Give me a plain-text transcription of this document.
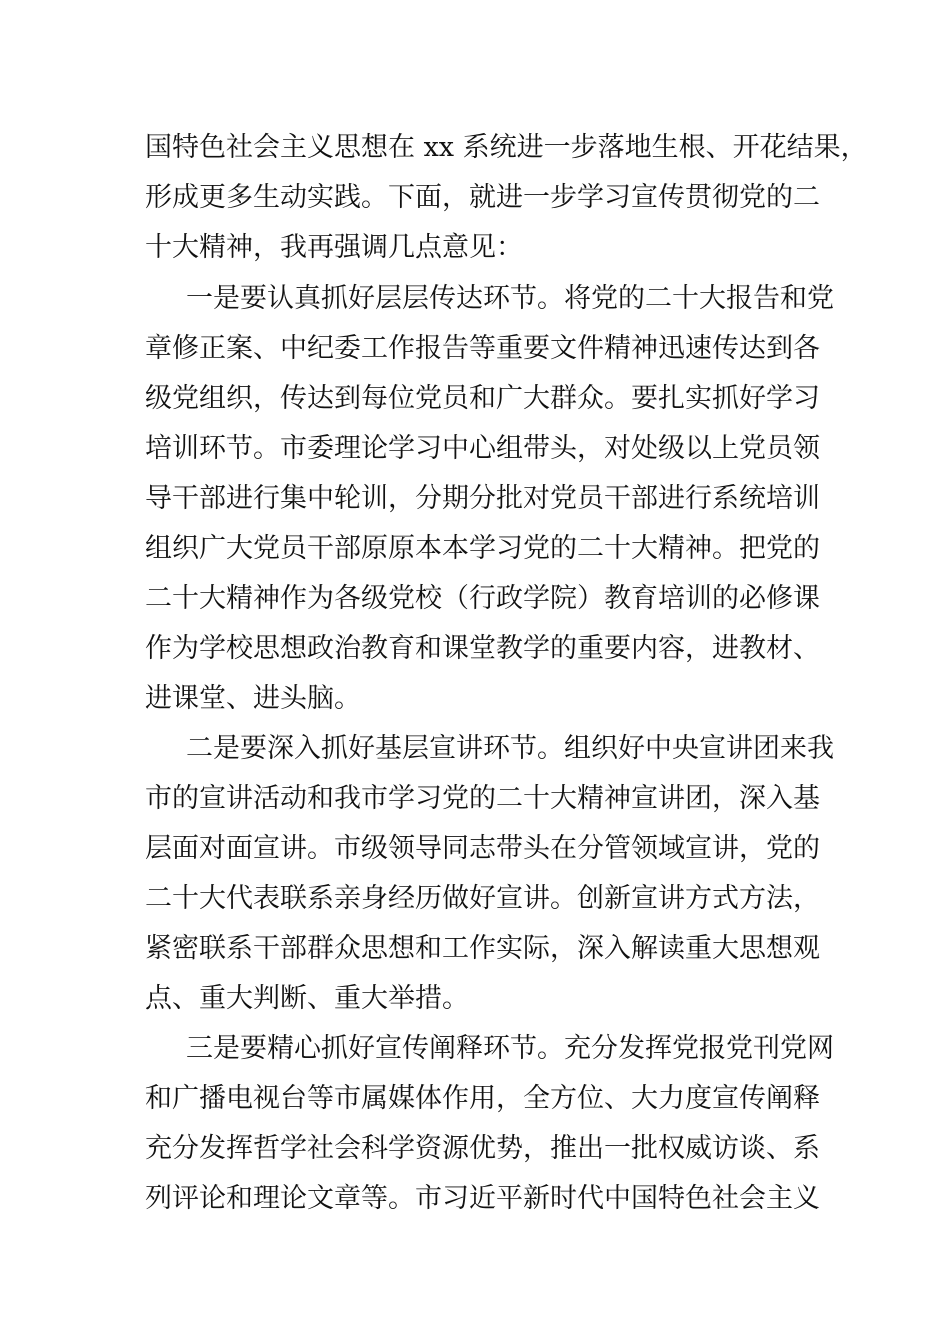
国特色社会主义思想在 xx 系统进一步落地生根、开花结果，

形成更多生动实践。下面，就进一步学习宣传贯彻党的二

十大精神，我再强调几点意见：

一是要认真抓好层层传达环节。将党的二十大报告和党

章修正案、中纪委工作报告等重要文件精神迅速传达到各

级党组织，传达到每位党员和广大群众。要扎实抓好学习

培训环节。市委理论学习中心组带头，对处级以上党员领

导干部进行集中轮训，分期分批对党员干部进行系统培训

组织广大党员干部原原本本学习党的二十大精神。把党的

二十大精神作为各级党校（行政学院）教育培训的必修课

作为学校思想政治教育和课堂教学的重要内容，进教材、

进课堂、进头脑。

二是要深入抓好基层宣讲环节。组织好中央宣讲团来我

市的宣讲活动和我市学习党的二十大精神宣讲团，深入基

层面对面宣讲。市级领导同志带头在分管领域宣讲，党的

二十大代表联系亲身经历做好宣讲。创新宣讲方式方法，

紧密联系干部群众思想和工作实际，深入解读重大思想观

点、重大判断、重大举措。

三是要精心抓好宣传阐释环节。充分发挥党报党刊党网

和广播电视台等市属媒体作用，全方位、大力度宣传阐释

充分发挥哲学社会科学资源优势，推出一批权威访谈、系

列评论和理论文章等。市习近平新时代中国特色社会主义
